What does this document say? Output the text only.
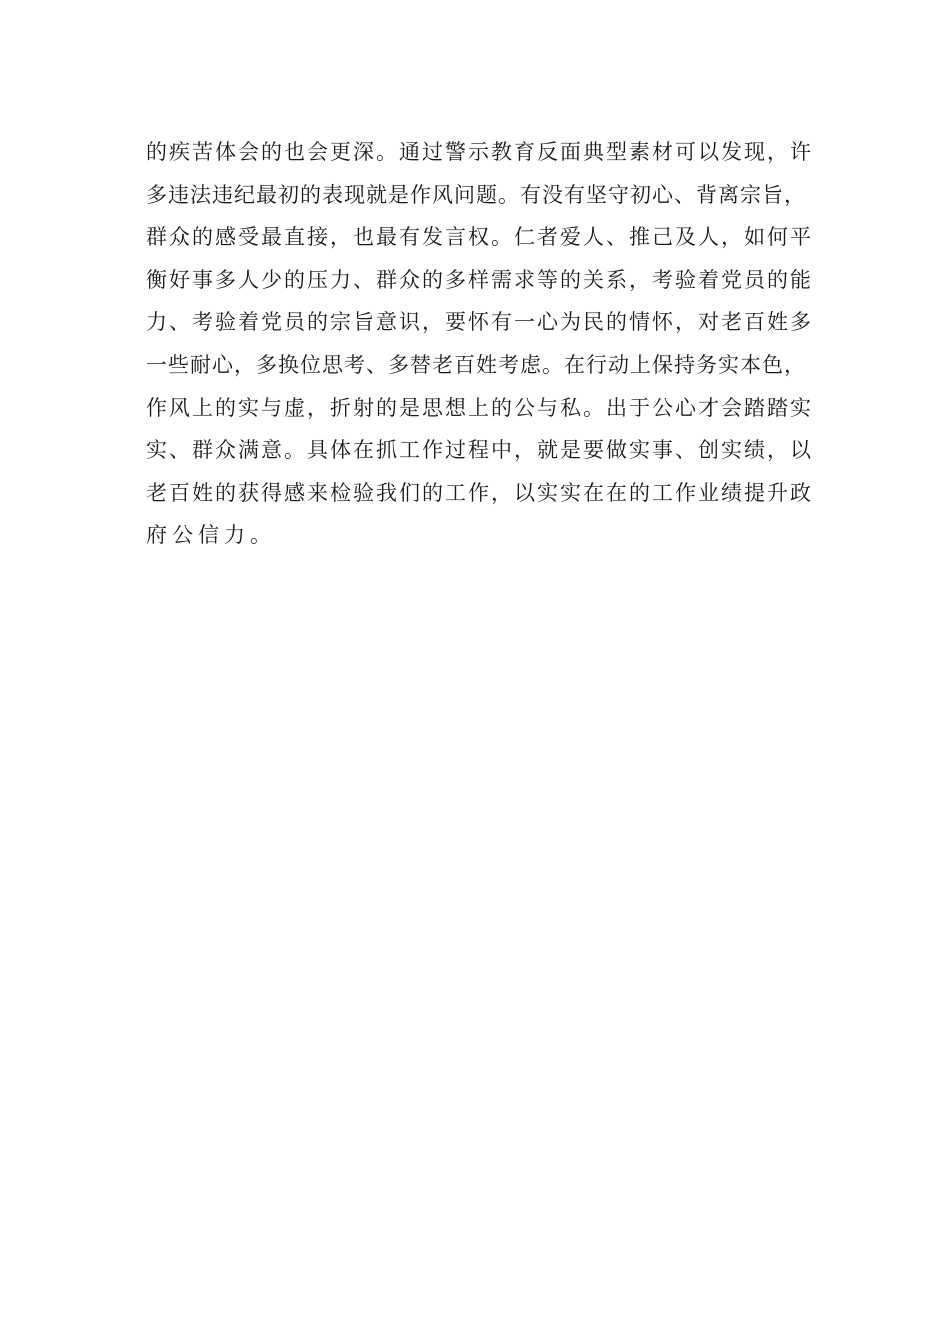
的疾苦体会的也会更深。通过警示教育反面典型素材可以发现，许
多违法违纪最初的表现就是作风问题。有没有坚守初心、背离宗旨，
群众的感受最直接，也最有发言权。仁者爱人、推己及人，如何平
衡好事多人少的压力、群众的多样需求等的关系，考验着党员的能
力、考验着党员的宗旨意识，要怀有一心为民的情怀，对老百姓多
一些耐心，多换位思考、多替老百姓考虑。在行动上保持务实本色，
作风上的实与虚，折射的是思想上的公与私。出于公心才会踏踏实
实、群众满意。具体在抓工作过程中，就是要做实事、创实绩，以
老百姓的获得感来检验我们的工作，以实实在在的工作业绩提升政
府公信力。
